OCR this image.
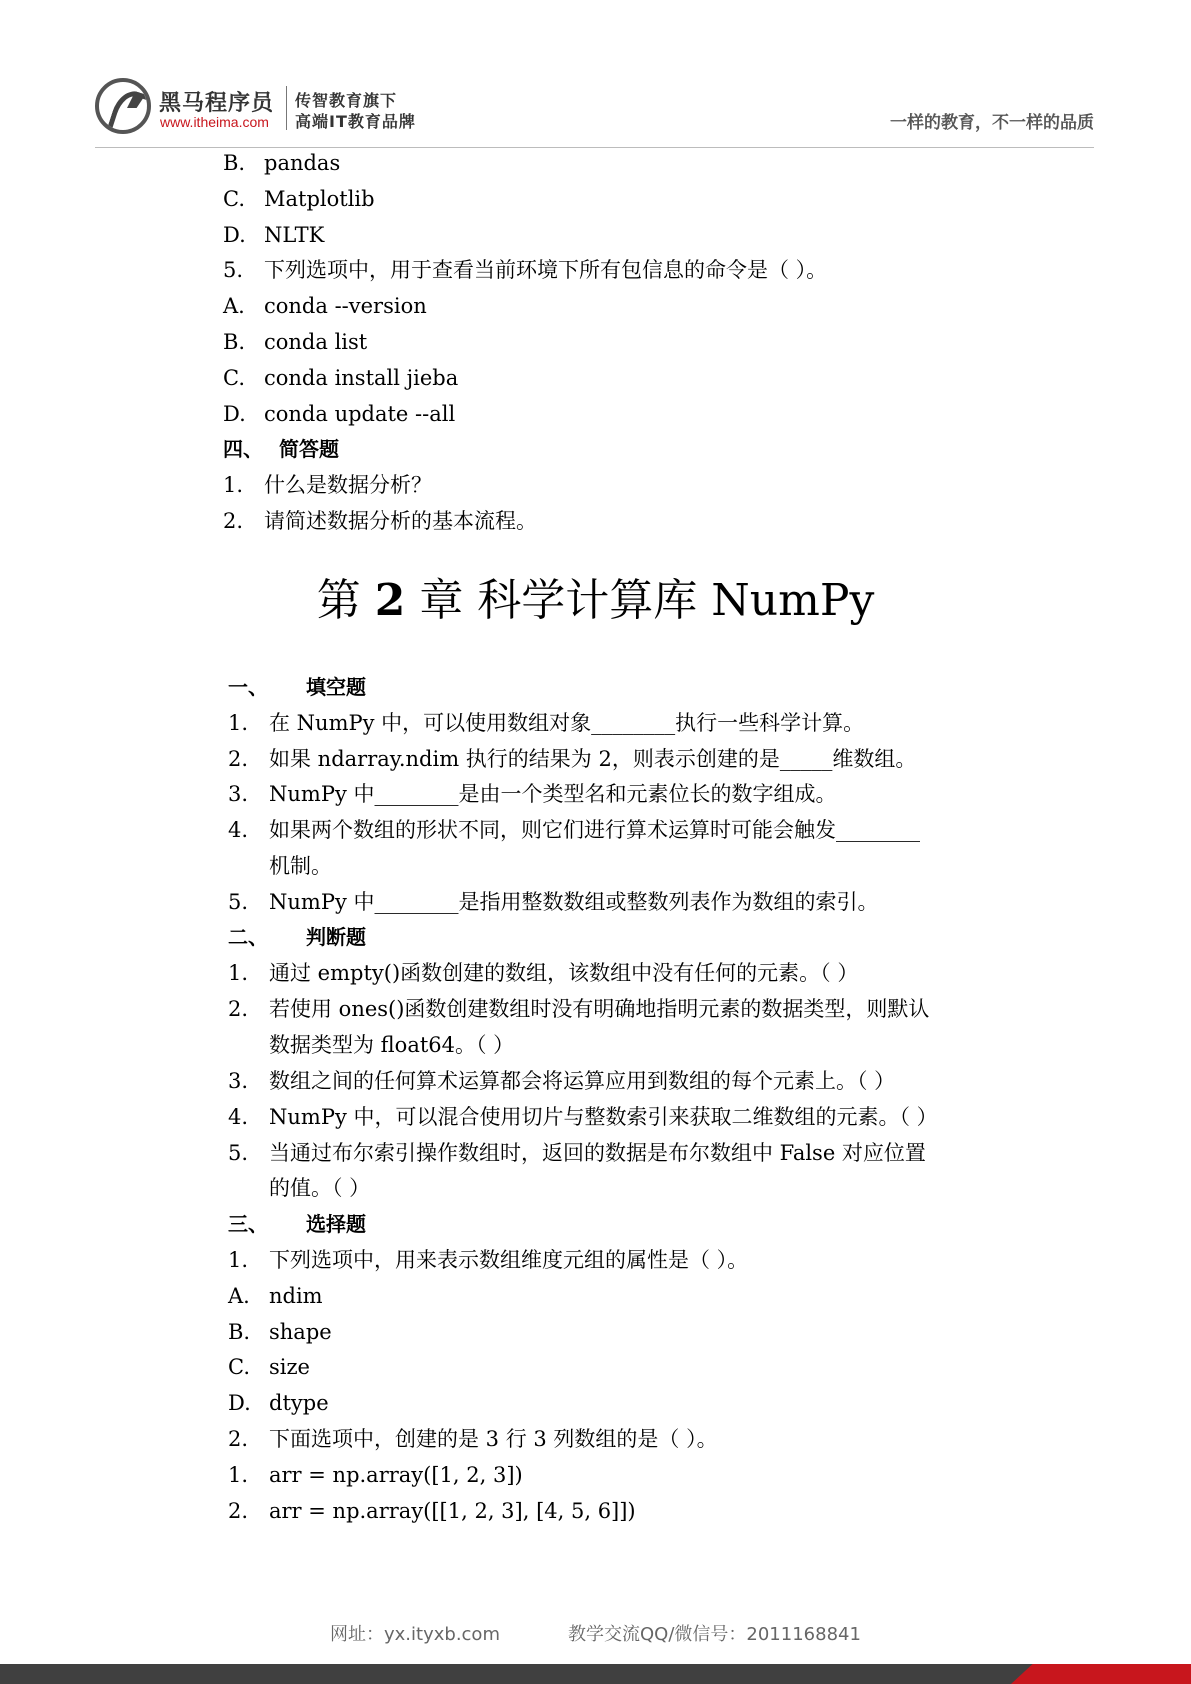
黑马程序员
www.itheima.com
传智教育旗下
高端IT教育品牌	一样的教育，不一样的品质
B. pandas
C. Matplotlib
D. NLTK
5. 下列选项中，用于查看当前环境下所有包信息的命令是（ ）。
A. conda --version
B. conda list
C. conda install jieba
D. conda update --all
四、 简答题
1. 什么是数据分析？
2. 请简述数据分析的基本流程。
第 2 章 科学计算库 NumPy
一、 填空题
1. 在 NumPy 中，可以使用数组对象________执行一些科学计算。
2. 如果 ndarray.ndim 执行的结果为 2，则表示创建的是_____维数组。
3. NumPy 中________是由一个类型名和元素位长的数字组成。
4. 如果两个数组的形状不同，则它们进行算术运算时可能会触发________
机制。
5. NumPy 中________是指用整数数组或整数列表作为数组的索引。
二、 判断题
1. 通过 empty()函数创建的数组，该数组中没有任何的元素。（ ）
2. 若使用 ones()函数创建数组时没有明确地指明元素的数据类型，则默认
数据类型为 float64。（ ）
3. 数组之间的任何算术运算都会将运算应用到数组的每个元素上。（ ）
4. NumPy 中，可以混合使用切片与整数索引来获取二维数组的元素。（ ）
5. 当通过布尔索引操作数组时，返回的数据是布尔数组中 False 对应位置
的值。（ ）
三、 选择题
1. 下列选项中，用来表示数组维度元组的属性是（ ）。
A. ndim
B. shape
C. size
D. dtype
2. 下面选项中，创建的是 3 行 3 列数组的是（ ）。
1. arr = np.array([1, 2, 3])
2. arr = np.array([[1, 2, 3], [4, 5, 6]])
网址：yx.ityxb.com	教学交流QQ/微信号：2011168841
